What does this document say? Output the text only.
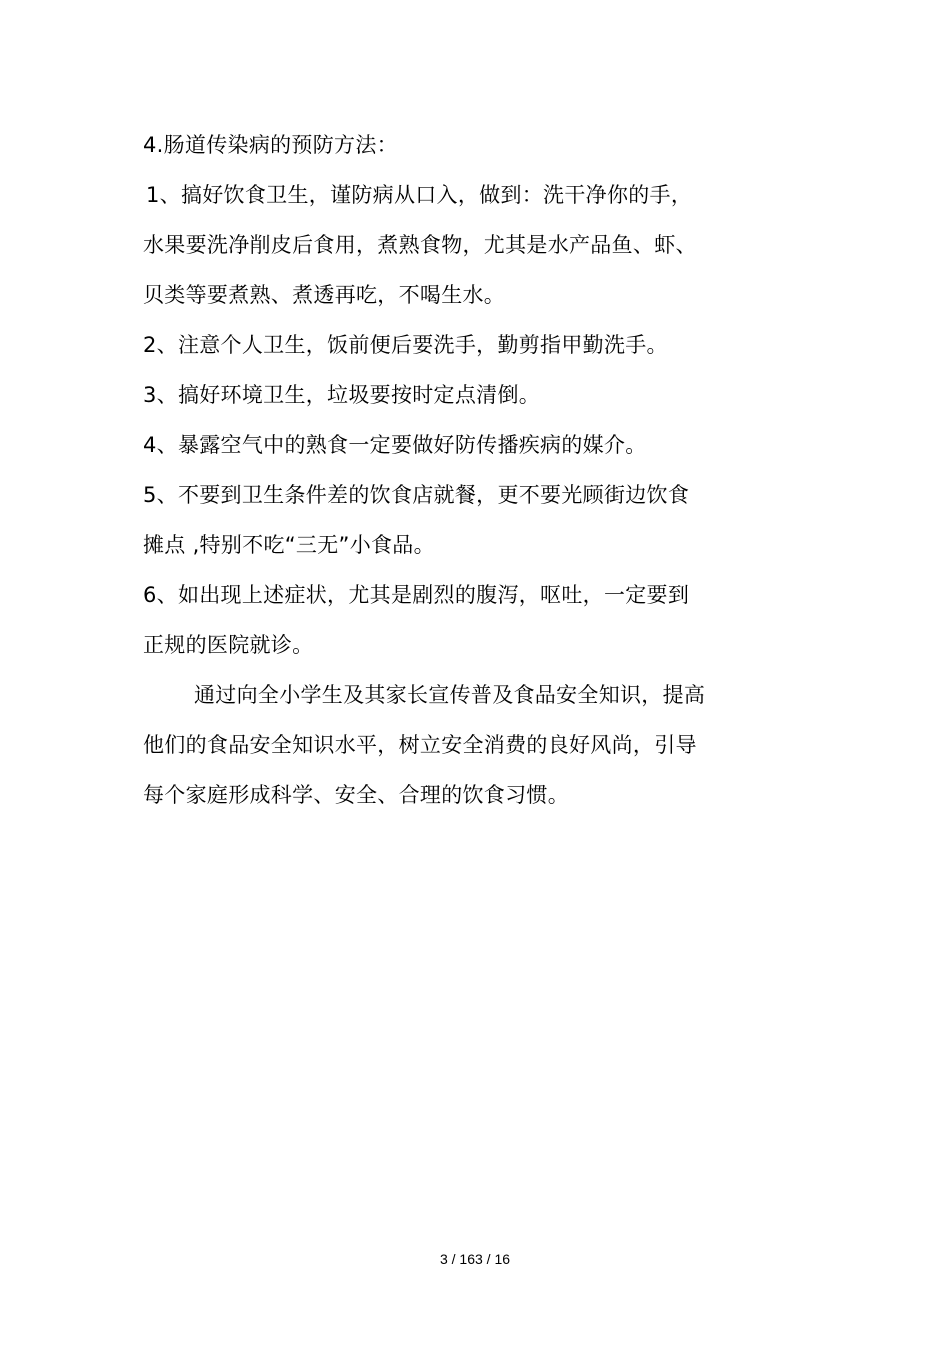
4.肠道传染病的预防方法：
1、搞好饮食卫生，谨防病从口入，做到：洗干净你的手，
水果要洗净削皮后食用，煮熟食物，尤其是水产品鱼、虾、
贝类等要煮熟、煮透再吃，不喝生水。
2、注意个人卫生，饭前便后要洗手，勤剪指甲勤洗手。
3、搞好环境卫生，垃圾要按时定点清倒。
4、暴露空气中的熟食一定要做好防传播疾病的媒介。
5、不要到卫生条件差的饮食店就餐，更不要光顾街边饮食
摊点 ,特别不吃“三无”小食品。
6、如出现上述症状，尤其是剧烈的腹泻，呕吐，一定要到
正规的医院就诊。
通过向全小学生及其家长宣传普及食品安全知识，提高
他们的食品安全知识水平，树立安全消费的良好风尚，引导
每个家庭形成科学、安全、合理的饮食习惯。
3 / 163 / 16
